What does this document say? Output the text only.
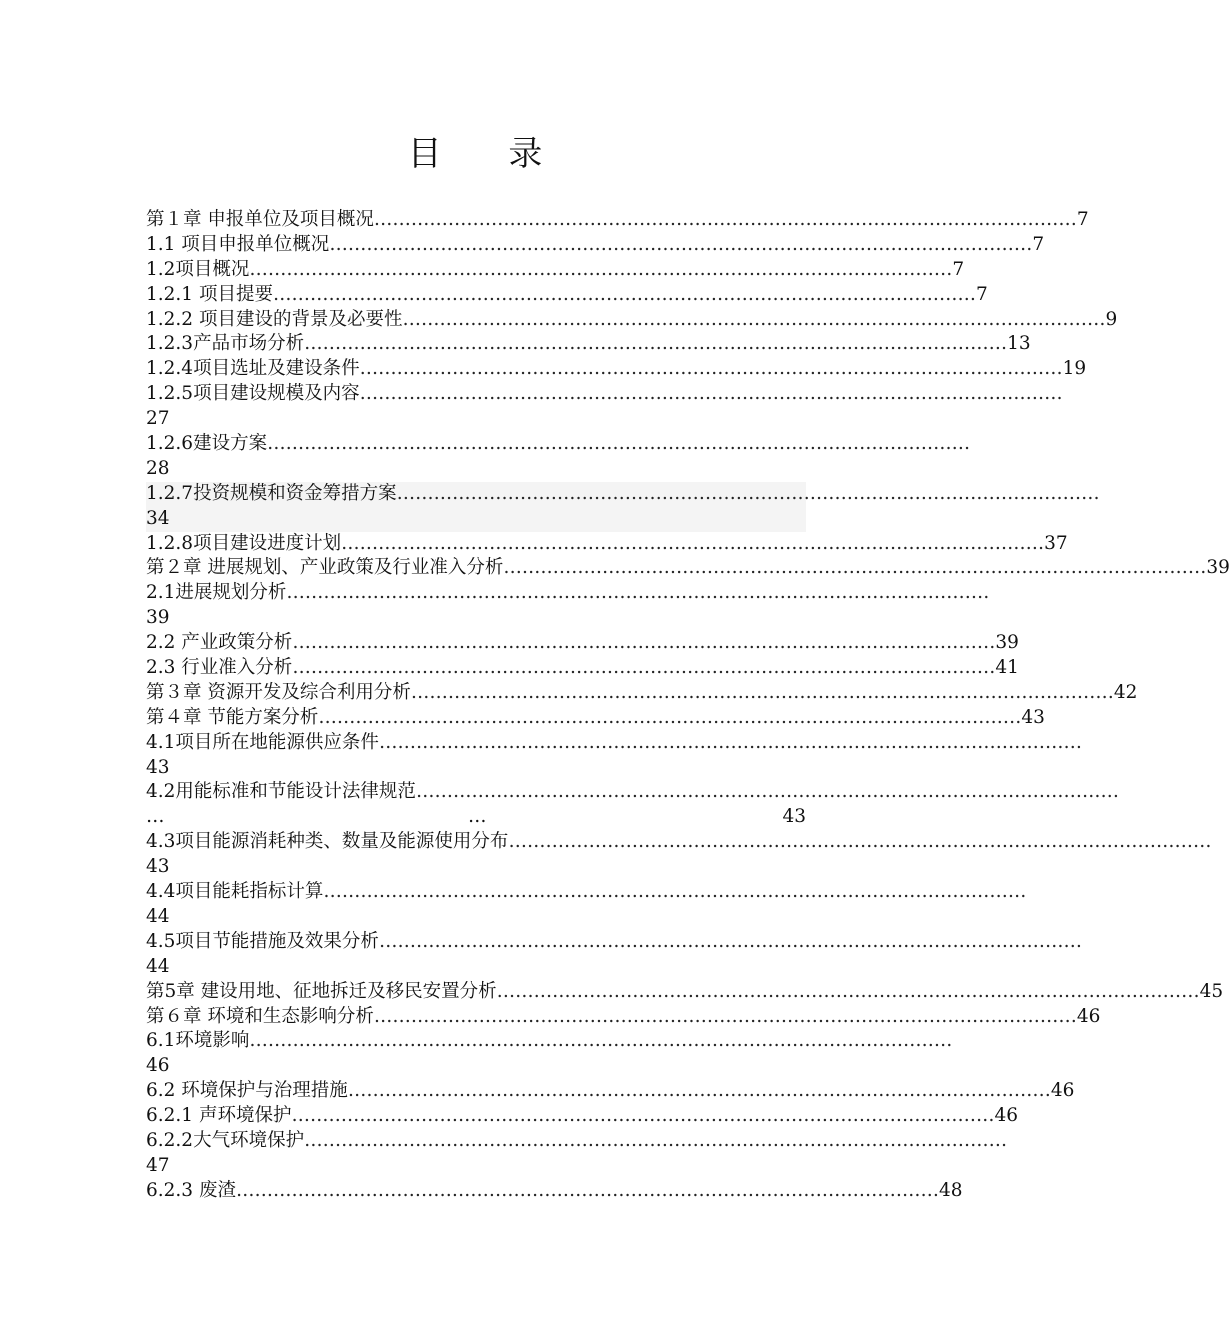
目 录
第１章 申报单位及项目概况 …………………………………………………………………………………………………… 7
1.1 项目申报单位概况 …………………………………………………………………………………………………… 7
1.2项目概况 …………………………………………………………………………………………………… 7
1.2.1 项目提要 …………………………………………………………………………………………………… 7
1.2.2 项目建设的背景及必要性 …………………………………………………………………………………………………… 9
1.2.3产品市场分析 …………………………………………………………………………………………………… 13
1.2.4项目选址及建设条件 …………………………………………………………………………………………………… 19
1.2.5项目建设规模及内容 ……………………………………………………………………………………………………
27
1.2.6建设方案 ……………………………………………………………………………………………………
28
1.2.7投资规模和资金筹措方案 ……………………………………………………………………………………………………
34
1.2.8项目建设进度计划 …………………………………………………………………………………………………… 37
第２章 进展规划、产业政策及行业准入分析 …………………………………………………………………………………………………… 39
2.1进展规划分析 ……………………………………………………………………………………………………
39
2.2 产业政策分析 …………………………………………………………………………………………………… 39
2.3 行业准入分析 …………………………………………………………………………………………………… 41
第３章 资源开发及综合利用分析 …………………………………………………………………………………………………… 42
第４章 节能方案分析 …………………………………………………………………………………………………… 43
4.1项目所在地能源供应条件 ……………………………………………………………………………………………………
43
4.2用能标准和节能设计法律规范 ……………………………………………………………………………………………………
…	…	43
4.3项目能源消耗种类、数量及能源使用分布 ……………………………………………………………………………………………………
43
4.4项目能耗指标计算 ……………………………………………………………………………………………………
44
4.5项目节能措施及效果分析 ……………………………………………………………………………………………………
44
第5章 建设用地、征地拆迁及移民安置分析 …………………………………………………………………………………………………… 45
第６章 环境和生态影响分析 …………………………………………………………………………………………………… 46
6.1环境影响 ……………………………………………………………………………………………………
46
6.2 环境保护与治理措施 …………………………………………………………………………………………………… 46
6.2.1 声环境保护 …………………………………………………………………………………………………… 46
6.2.2大气环境保护 ……………………………………………………………………………………………………
47
6.2.3 废渣 …………………………………………………………………………………………………… 48
